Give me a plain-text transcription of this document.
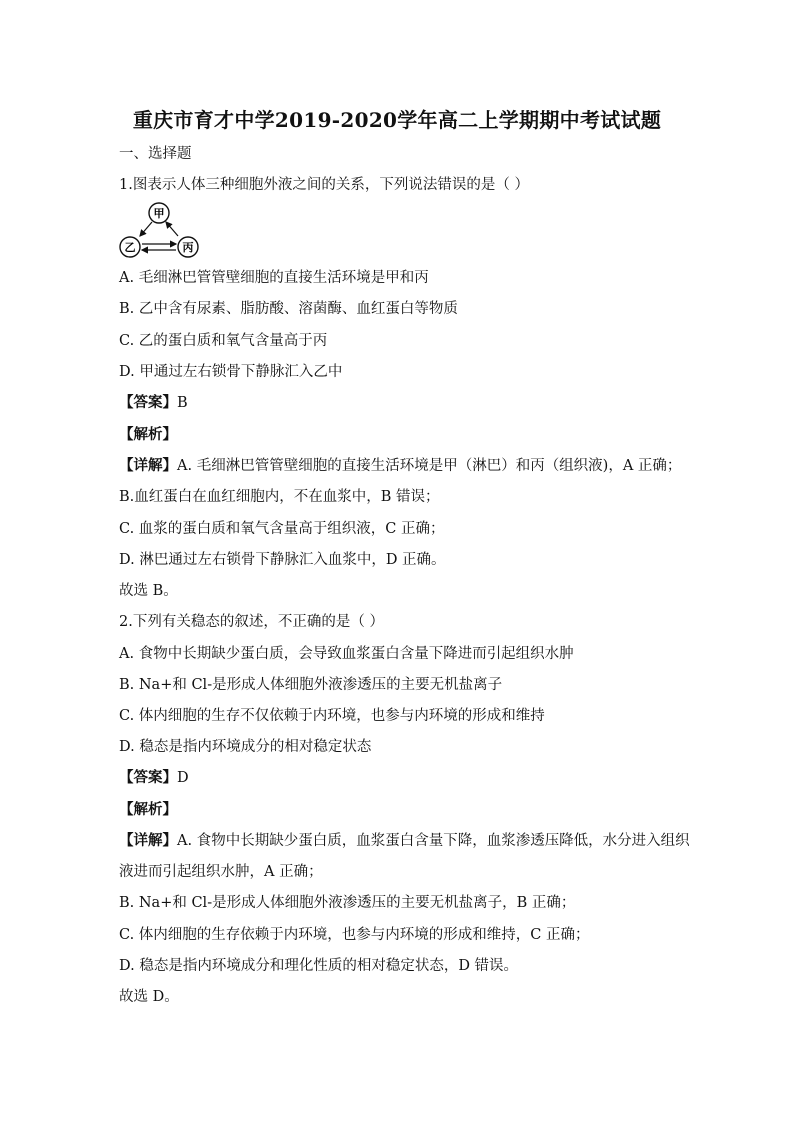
重庆市育才中学2019-2020学年高二上学期期中考试试题
一、选择题
1.图表示人体三种细胞外液之间的关系，下列说法错误的是（ ）
甲
乙	丙
A. 毛细淋巴管管壁细胞的直接生活环境是甲和丙
B. 乙中含有尿素、脂肪酸、溶菌酶、血红蛋白等物质
C. 乙的蛋白质和氧气含量高于丙
D. 甲通过左右锁骨下静脉汇入乙中
【答案】B
【解析】
【详解】A. 毛细淋巴管管壁细胞的直接生活环境是甲（淋巴）和丙（组织液)，A 正确；
B.血红蛋白在血红细胞内，不在血浆中，B 错误；
C. 血浆的蛋白质和氧气含量高于组织液，C 正确；
D. 淋巴通过左右锁骨下静脉汇入血浆中，D 正确。
故选 B。
2.下列有关稳态的叙述，不正确的是（ ）
A. 食物中长期缺少蛋白质，会导致血浆蛋白含量下降进而引起组织水肿
B. Na+和 Cl-是形成人体细胞外液渗透压的主要无机盐离子
C. 体内细胞的生存不仅依赖于内环境，也参与内环境的形成和维持
D. 稳态是指内环境成分的相对稳定状态
【答案】D
【解析】
【详解】A. 食物中长期缺少蛋白质，血浆蛋白含量下降，血浆渗透压降低，水分进入组织
液进而引起组织水肿，A 正确；
B. Na+和 Cl-是形成人体细胞外液渗透压的主要无机盐离子，B 正确；
C. 体内细胞的生存依赖于内环境，也参与内环境的形成和维持，C 正确；
D. 稳态是指内环境成分和理化性质的相对稳定状态，D 错误。
故选 D。
